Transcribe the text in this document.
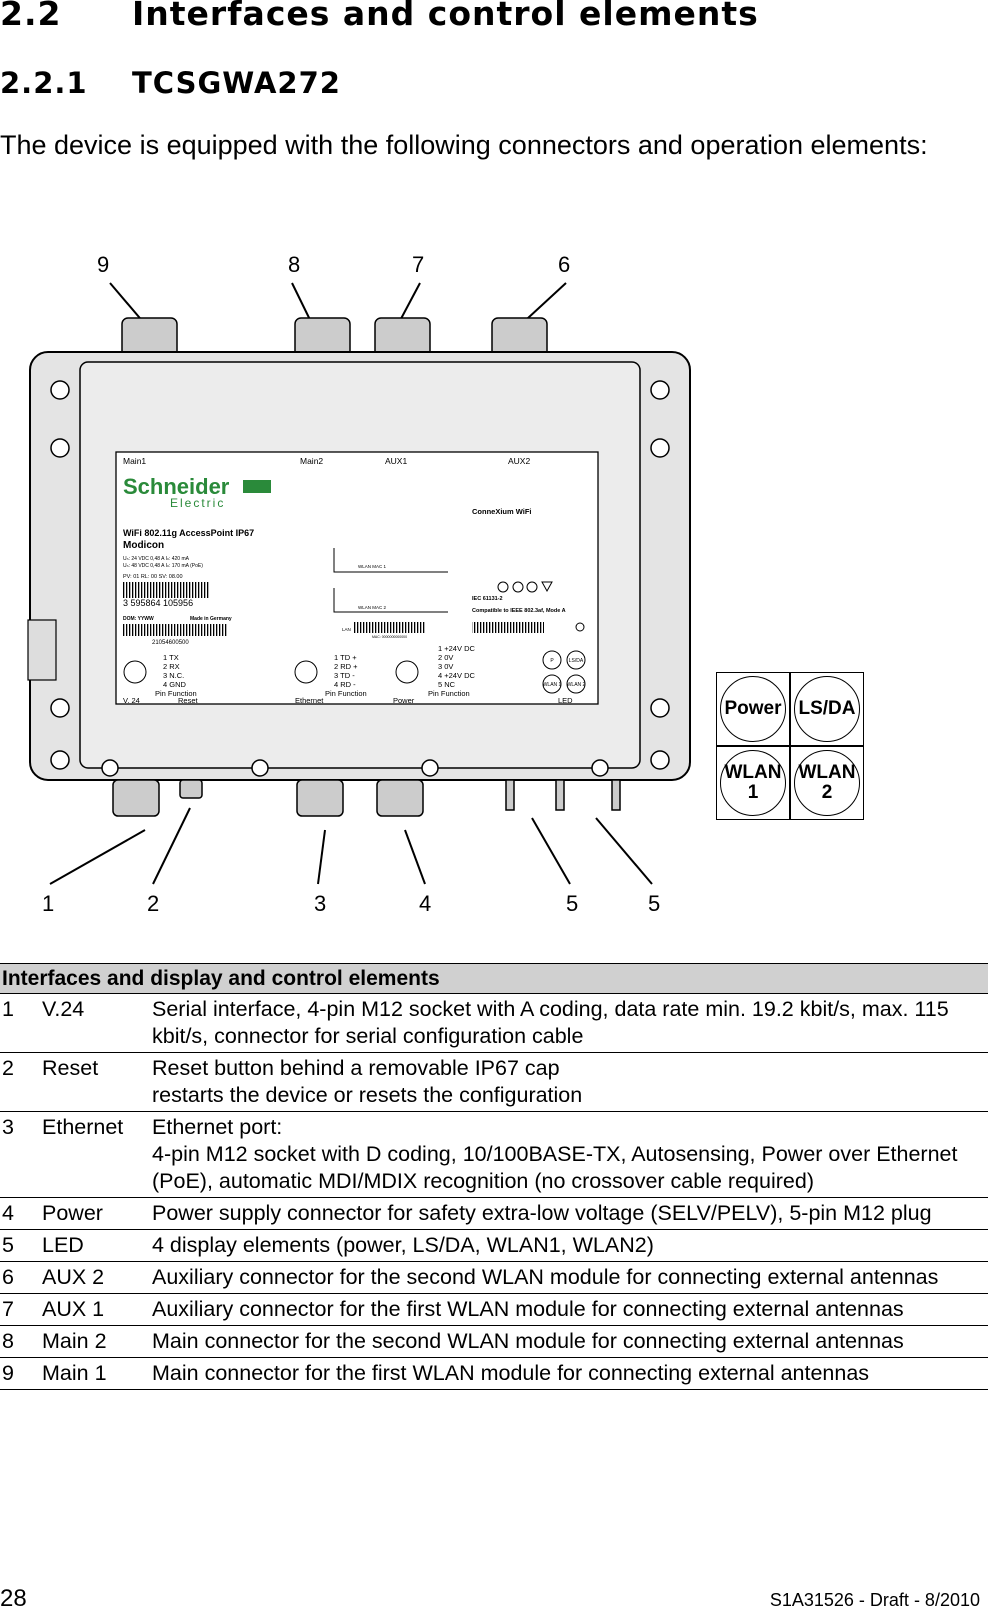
2.2 Interfaces and control elements
2.2.1 TCSGWA272
The device is equipped with the following connectors and operation elements:
9	8	7	6
1	2	3	4	5	5
Main1	Main2	AUX1	AUX2
Schneider
Electric
WiFi 802.11g AccessPoint IP67
Modicon
ConneXium WiFi
Uₙ: 24 VDC 0,48 A Iₙ: 420 mA
Uₙ: 48 VDC 0,48 A Iₙ: 170 mA (PoE)
PV: 01 RL: 00 SV: 08.00
WLAN MAC 1
WLAN MAC 2
LAN
MAC: 0000000000000
3 595864 105956
DOM: YYWW	Made in Germany
21054600500
IEC 61131-2
Compatible to IEEE 802.3af, Mode A
1 TX
2 RX
3 N.C.
4 GND
Pin Function
1 TD +
2 RD +
3 TD -
4 RD -
Pin Function
1 +24V DC
2 0V
3 0V
4 +24V DC
5 NC
Pin Function
V. 24	Reset	Ethernet	Power	LED
P	LS/DA
WLAN 1 WLAN 2
Power LS/DA
WLAN
1
WLAN
2
Interfaces and display and control elements		
1	V.24	Serial interface, 4-pin M12 socket with A coding, data rate min. 19.2 kbit/s, max. 115 kbit/s, connector for serial configuration cable
2	Reset	Reset button behind a removable IP67 cap
restarts the device or resets the configuration
3	Ethernet	Ethernet port:
4-pin M12 socket with D coding, 10/100BASE-TX, Autosensing, Power over Ethernet (PoE), automatic MDI/MDIX recognition (no crossover cable required)
4	Power	Power supply connector for safety extra-low voltage (SELV/PELV), 5-pin M12 plug
5	LED	4 display elements (power, LS/DA, WLAN1, WLAN2)
6	AUX 2	Auxiliary connector for the second WLAN module for connecting external antennas
7	AUX 1	Auxiliary connector for the first WLAN module for connecting external antennas
8	Main 2	Main connector for the second WLAN module for connecting external antennas
9	Main 1	Main connector for the first WLAN module for connecting external antennas
28	S1A31526 - Draft - 8/2010
